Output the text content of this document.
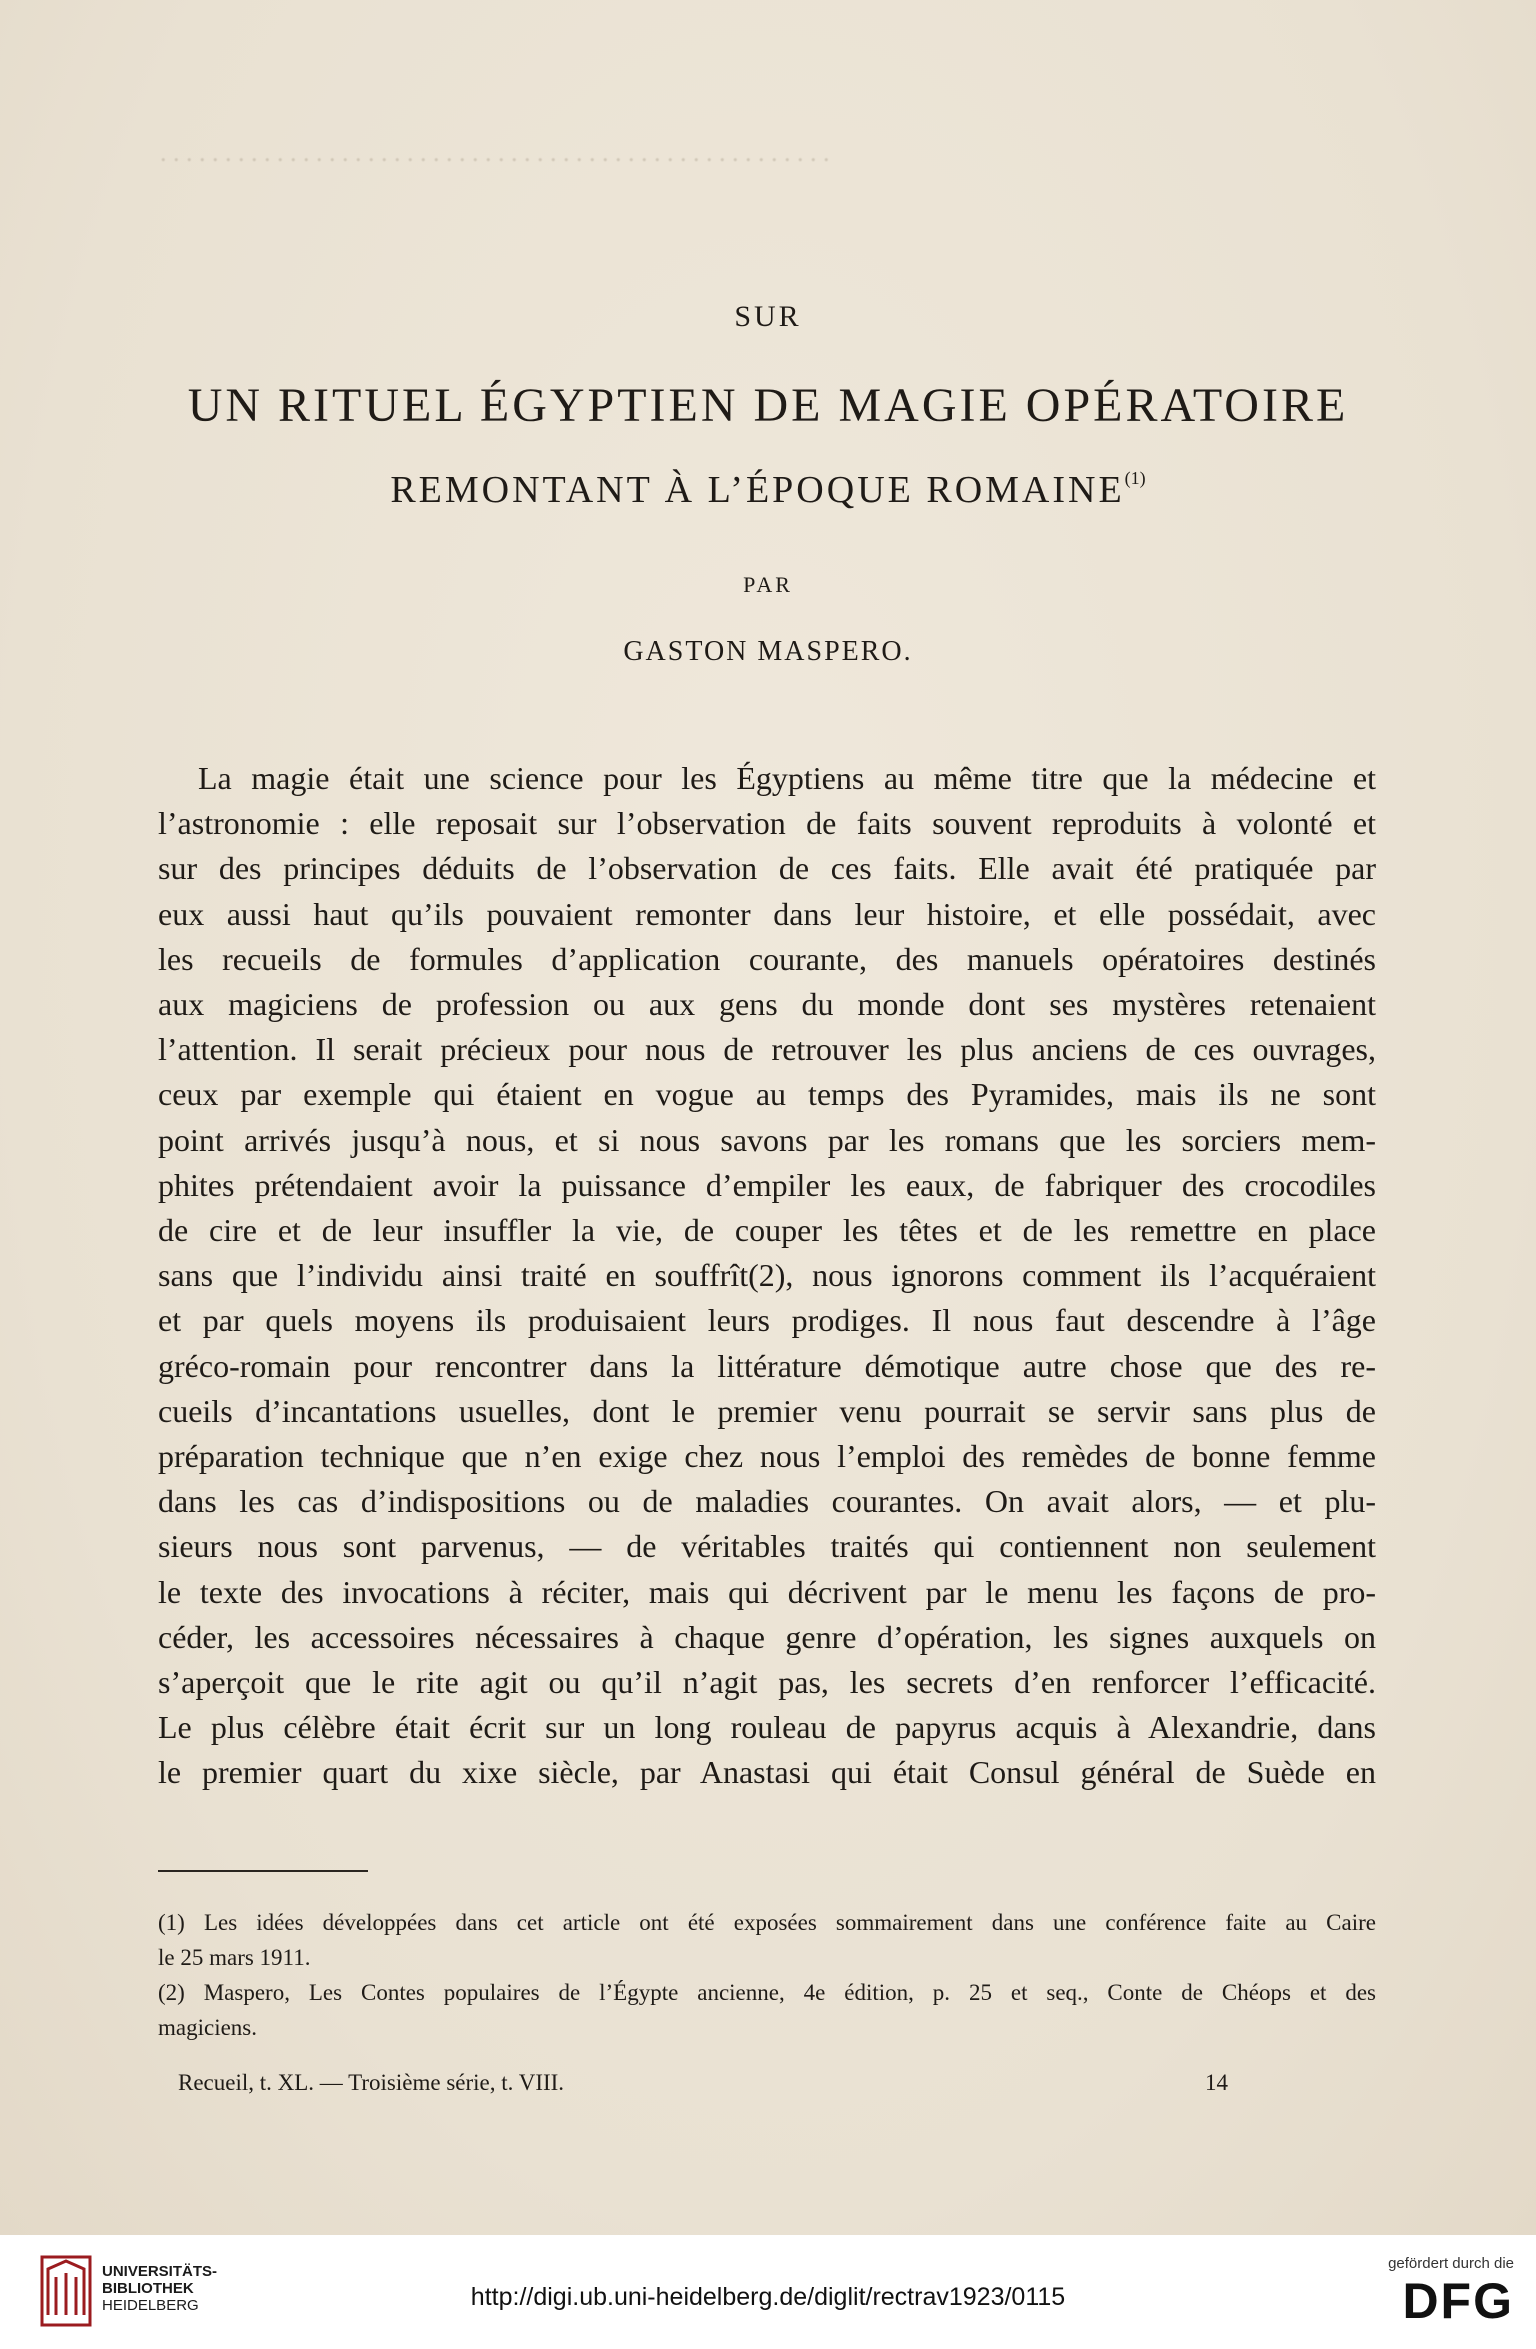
. . . . . . . . . . . . . . . . . . . . . . . . . . . . . . . . . . . . . . . . . . . . . . . . . . . .
SUR
UN RITUEL ÉGYPTIEN DE MAGIE OPÉRATOIRE
REMONTANT À L’ÉPOQUE ROMAINE$^{(1)}$
PAR
GASTON MASPERO.
La magie était une science pour les Égyptiens au même titre que la médecine et
l’astronomie : elle reposait sur l’observation de faits souvent reproduits à volonté et
sur des principes déduits de l’observation de ces faits. Elle avait été pratiquée par
eux aussi haut qu’ils pouvaient remonter dans leur histoire, et elle possédait, avec
les recueils de formules d’application courante, des manuels opératoires destinés
aux magiciens de profession ou aux gens du monde dont ses mystères retenaient
l’attention. Il serait précieux pour nous de retrouver les plus anciens de ces ouvrages,
ceux par exemple qui étaient en vogue au temps des Pyramides, mais ils ne sont
point arrivés jusqu’à nous, et si nous savons par les romans que les sorciers mem-
phites prétendaient avoir la puissance d’empiler les eaux, de fabriquer des crocodiles
de cire et de leur insuffler la vie, de couper les têtes et de les remettre en place
sans que l’individu ainsi traité en souffrît(2), nous ignorons comment ils l’acquéraient
et par quels moyens ils produisaient leurs prodiges. Il nous faut descendre à l’âge
gréco-romain pour rencontrer dans la littérature démotique autre chose que des re-
cueils d’incantations usuelles, dont le premier venu pourrait se servir sans plus de
préparation technique que n’en exige chez nous l’emploi des remèdes de bonne femme
dans les cas d’indispositions ou de maladies courantes. On avait alors, — et plu-
sieurs nous sont parvenus, — de véritables traités qui contiennent non seulement
le texte des invocations à réciter, mais qui décrivent par le menu les façons de pro-
céder, les accessoires nécessaires à chaque genre d’opération, les signes auxquels on
s’aperçoit que le rite agit ou qu’il n’agit pas, les secrets d’en renforcer l’efficacité.
Le plus célèbre était écrit sur un long rouleau de papyrus acquis à Alexandrie, dans
le premier quart du xixe siècle, par Anastasi qui était Consul général de Suède en
(1) Les idées développées dans cet article ont été exposées sommairement dans une conférence faite au Caire
le 25 mars 1911.
(2) Maspero, Les Contes populaires de l’Égypte ancienne, 4e édition, p. 25 et seq., Conte de Chéops et des
magiciens.
Recueil, t. XL. — Troisième série, t. VIII.	14
UNIVERSITÄTS-
BIBLIOTHEK
HEIDELBERG	http://digi.ub.uni-heidelberg.de/diglit/rectrav1923/0115
gefördert durch die
DFG
